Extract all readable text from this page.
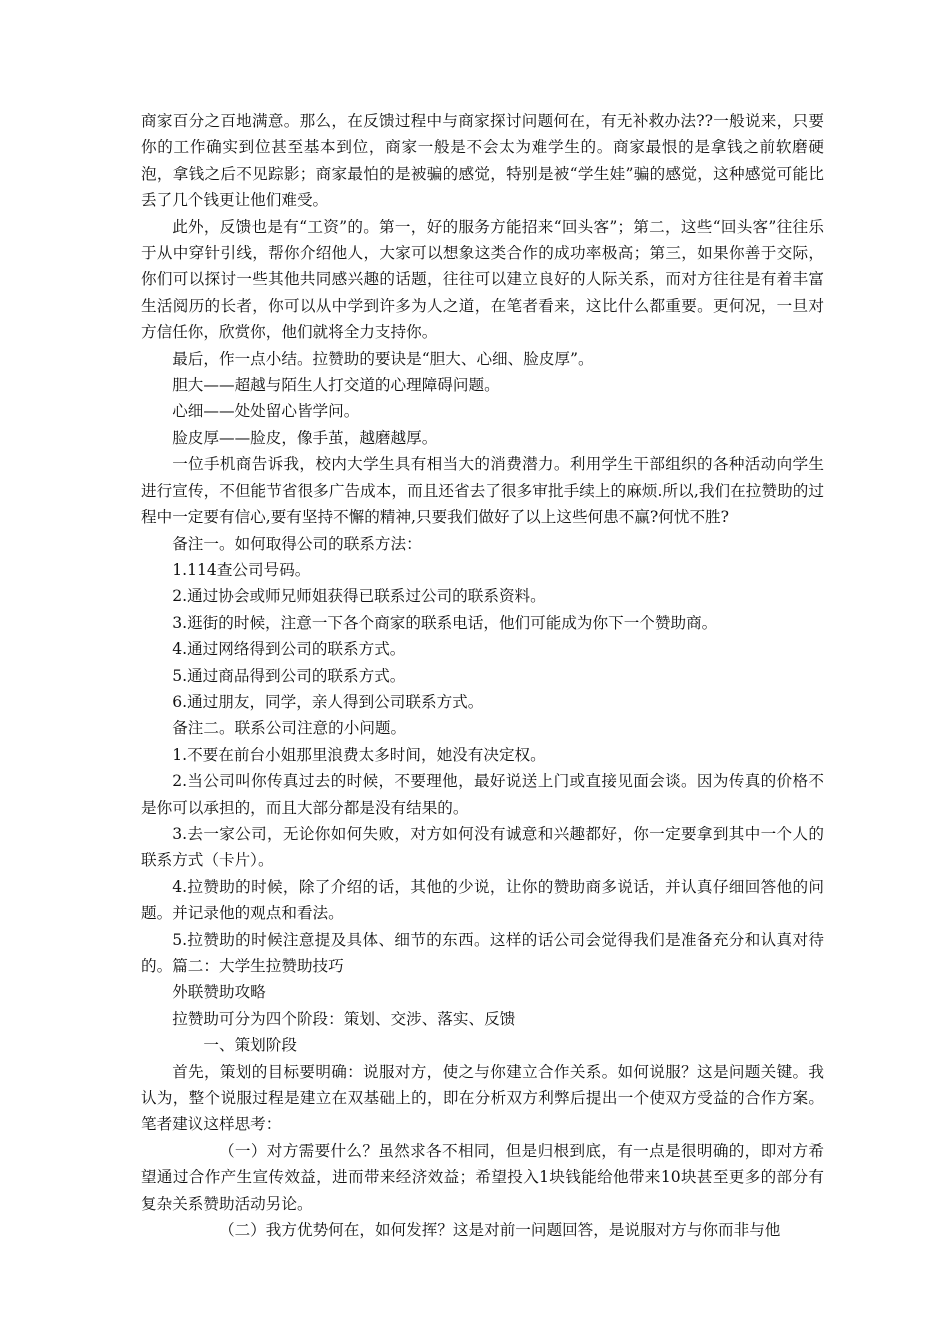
商家百分之百地满意。那么，在反馈过程中与商家探讨问题何在，有无补救办法??一般说来，只要你的工作确实到位甚至基本到位，商家一般是不会太为难学生的。商家最恨的是拿钱之前软磨硬泡，拿钱之后不见踪影；商家最怕的是被骗的感觉，特别是被“学生娃”骗的感觉，这种感觉可能比丢了几个钱更让他们难受。

此外，反馈也是有“工资”的。第一，好的服务方能招来“回头客”；第二，这些“回头客”往往乐于从中穿针引线，帮你介绍他人，大家可以想象这类合作的成功率极高；第三，如果你善于交际，你们可以探讨一些其他共同感兴趣的话题，往往可以建立良好的人际关系，而对方往往是有着丰富生活阅历的长者，你可以从中学到许多为人之道，在笔者看来，这比什么都重要。更何况，一旦对方信任你，欣赏你，他们就将全力支持你。

最后，作一点小结。拉赞助的要诀是“胆大、心细、脸皮厚”。

胆大——超越与陌生人打交道的心理障碍问题。

心细——处处留心皆学问。

脸皮厚——脸皮，像手茧，越磨越厚。

一位手机商告诉我，校内大学生具有相当大的消费潜力。利用学生干部组织的各种活动向学生进行宣传，不但能节省很多广告成本，而且还省去了很多审批手续上的麻烦.所以,我们在拉赞助的过程中一定要有信心,要有坚持不懈的精神,只要我们做好了以上这些何患不赢?何忧不胜?

备注一。如何取得公司的联系方法：

1.114查公司号码。

2.通过协会或师兄师姐获得已联系过公司的联系资料。

3.逛街的时候，注意一下各个商家的联系电话，他们可能成为你下一个赞助商。

4.通过网络得到公司的联系方式。

5.通过商品得到公司的联系方式。

6.通过朋友，同学，亲人得到公司联系方式。

备注二。联系公司注意的小问题。

1.不要在前台小姐那里浪费太多时间，她没有决定权。

2.当公司叫你传真过去的时候，不要理他，最好说送上门或直接见面会谈。因为传真的价格不是你可以承担的，而且大部分都是没有结果的。

3.去一家公司，无论你如何失败，对方如何没有诚意和兴趣都好，你一定要拿到其中一个人的联系方式（卡片）。

4.拉赞助的时候，除了介绍的话，其他的少说，让你的赞助商多说话，并认真仔细回答他的问题。并记录他的观点和看法。

5.拉赞助的时候注意提及具体、细节的东西。这样的话公司会觉得我们是准备充分和认真对待的。篇二：大学生拉赞助技巧

外联赞助攻略

拉赞助可分为四个阶段：策划、交涉、落实、反馈

一、策划阶段

首先，策划的目标要明确：说服对方，使之与你建立合作关系。如何说服？这是问题关键。我认为，整个说服过程是建立在双基础上的，即在分析双方利弊后提出一个使双方受益的合作方案。笔者建议这样思考：

（一）对方需要什么？虽然求各不相同，但是归根到底，有一点是很明确的，即对方希望通过合作产生宣传效益，进而带来经济效益；希望投入1块钱能给他带来10块甚至更多的部分有复杂关系赞助活动另论。

（二）我方优势何在，如何发挥？这是对前一问题回答，是说服对方与你而非与他
